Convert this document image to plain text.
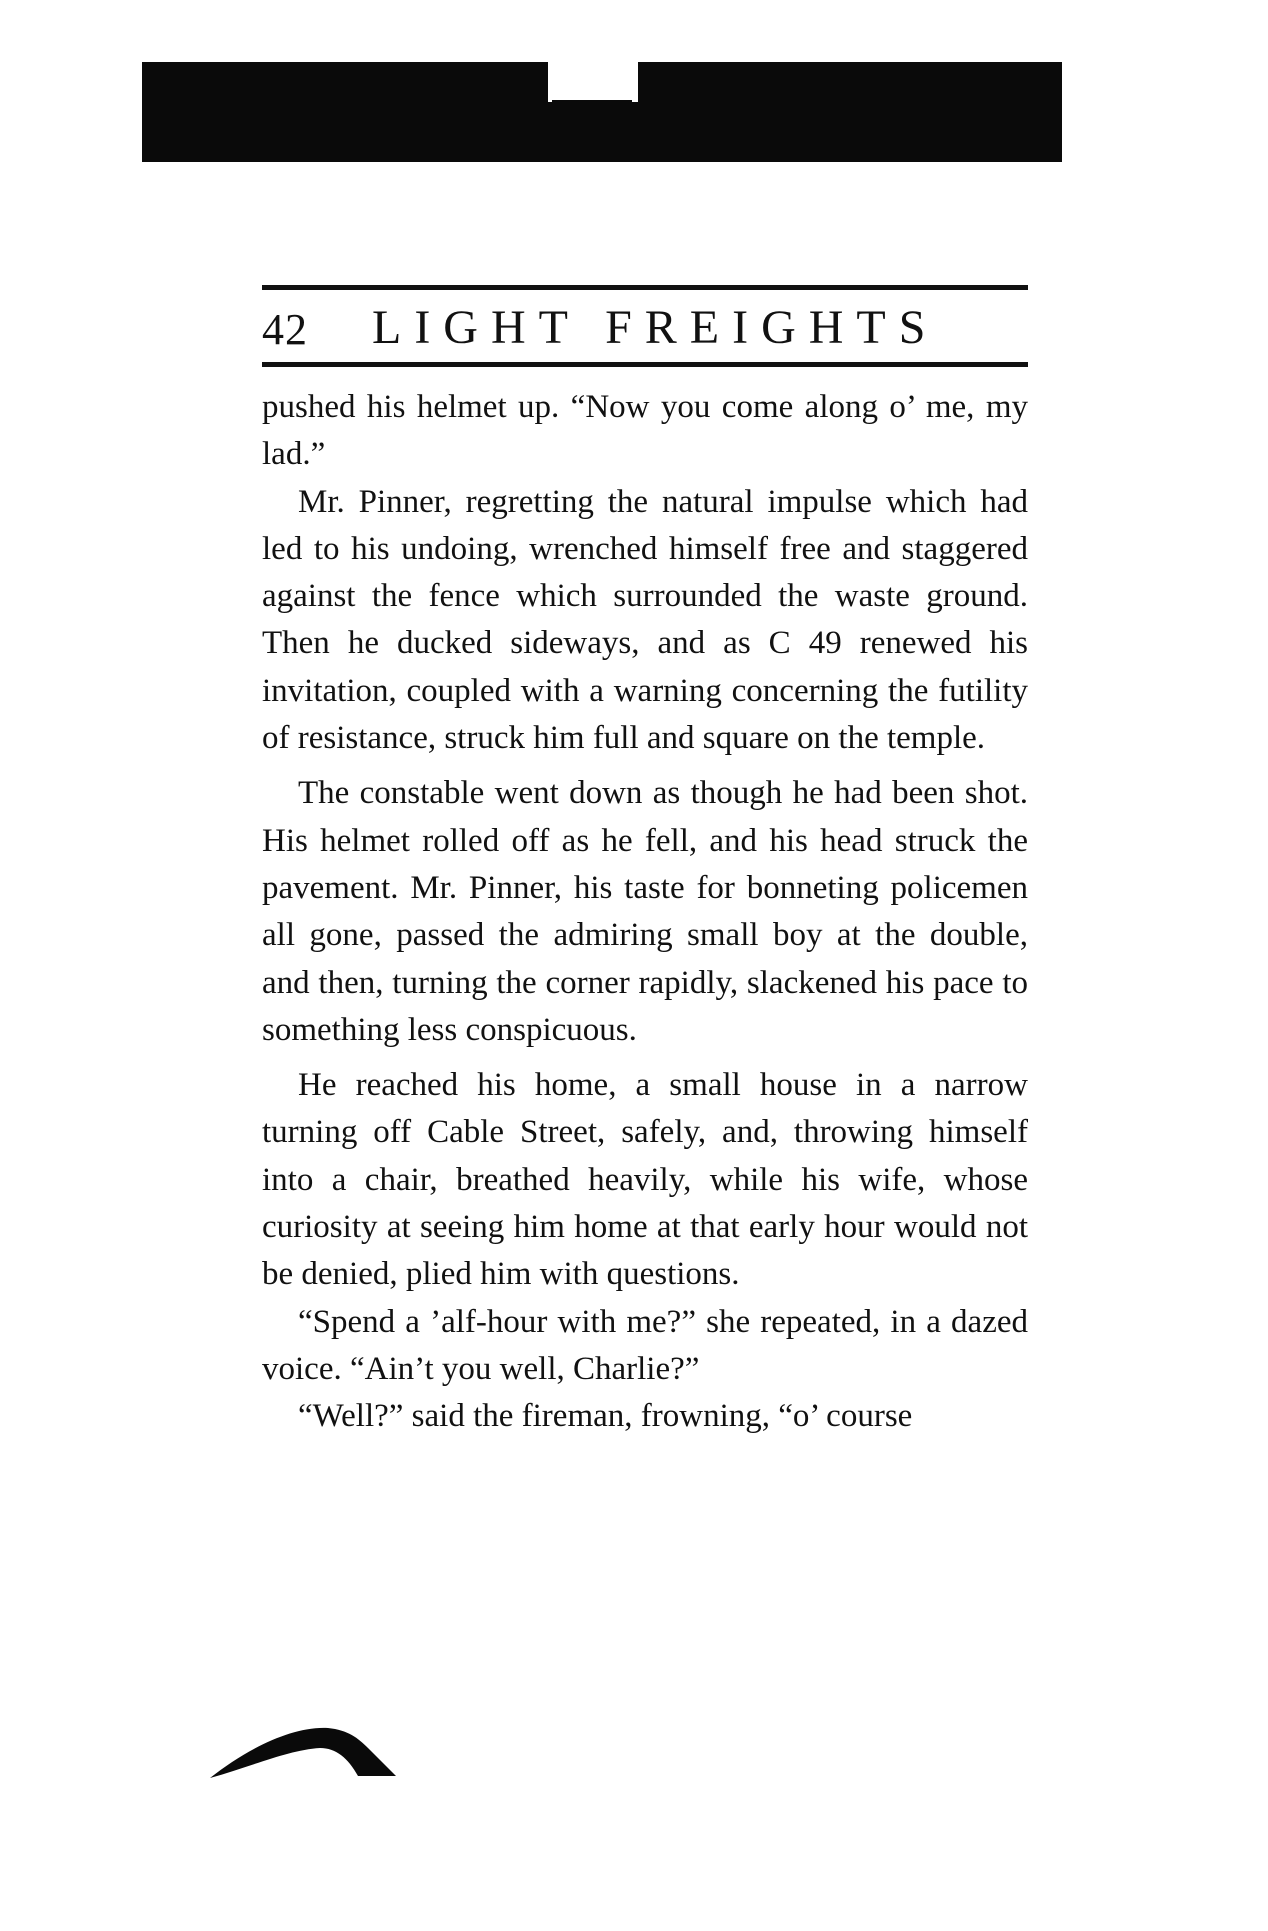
42 LIGHT FREIGHTS

pushed his helmet up. “Now you come along o’ me, my lad.”

Mr. Pinner, regretting the natural impulse which had led to his undoing, wrenched himself free and staggered against the fence which surrounded the waste ground. Then he ducked sideways, and as C 49 renewed his invitation, coupled with a warning concerning the futility of resistance, struck him full and square on the temple.

The constable went down as though he had been shot. His helmet rolled off as he fell, and his head struck the pavement. Mr. Pinner, his taste for bonneting policemen all gone, passed the admiring small boy at the double, and then, turning the corner rapidly, slackened his pace to something less conspicuous.

He reached his home, a small house in a narrow turning off Cable Street, safely, and, throwing himself into a chair, breathed heavily, while his wife, whose curiosity at seeing him home at that early hour would not be denied, plied him with questions.

“Spend a ’alf-hour with me?” she repeated, in a dazed voice. “Ain’t you well, Charlie?”

“Well?” said the fireman, frowning, “o’ course
